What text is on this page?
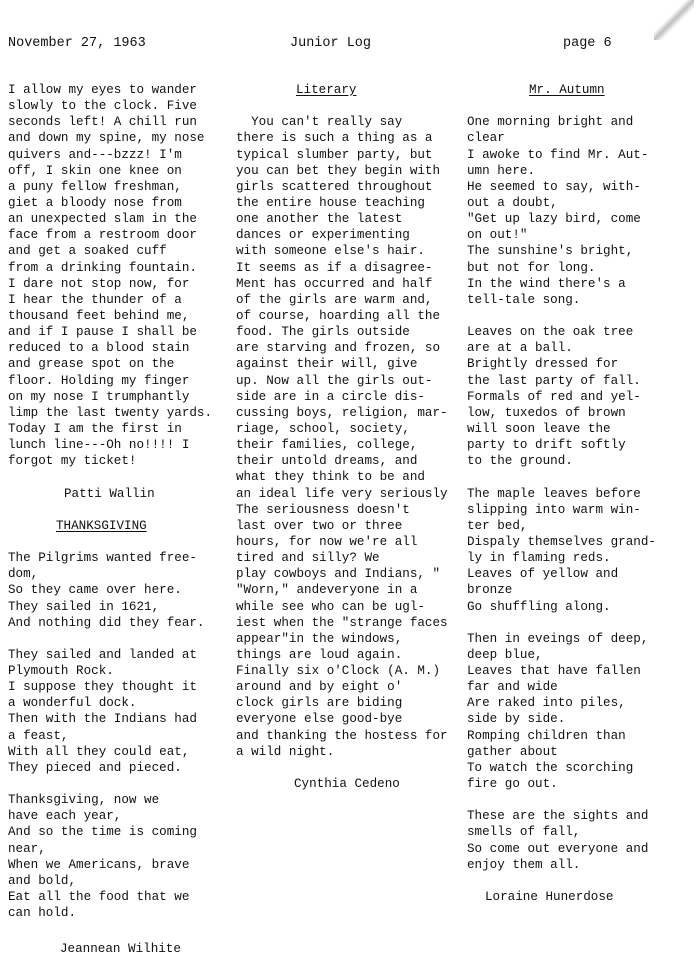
November 27, 1963	Junior Log	page 6
I allow my eyes to wander
slowly to the clock. Five
seconds left! A chill run
and down my spine, my nose
quivers and---bzzz! I'm
off, I skin one knee on
a puny fellow freshman,
giet a bloody nose from
an unexpected slam in the
face from a restroom door
and get a soaked cuff
from a drinking fountain.
I dare not stop now, for
I hear the thunder of a
thousand feet behind me,
and if I pause I shall be
reduced to a blood stain
and grease spot on the
floor. Holding my finger
on my nose I trumphantly
limp the last twenty yards.
Today I am the first in
lunch line---Oh no!!!! I
forgot my ticket!
Patti Wallin
THANKSGIVING
The Pilgrims wanted free-
dom,
So they came over here.
They sailed in 1621,
And nothing did they fear.
They sailed and landed at
Plymouth Rock.
I suppose they thought it
a wonderful dock.
Then with the Indians had
a feast,
With all they could eat,
They pieced and pieced.
Thanksgiving, now we
have each year,
And so the time is coming
near,
When we Americans, brave
and bold,
Eat all the food that we
can hold.
Jeannean Wilhite
Literary
You can't really say
there is such a thing as a
typical slumber party, but
you can bet they begin with
girls scattered throughout
the entire house teaching
one another the latest
dances or experimenting
with someone else's hair.
It seems as if a disagree-
Ment has occurred and half
of the girls are warm and,
of course, hoarding all the
food. The girls outside
are starving and frozen, so
against their will, give
up. Now all the girls out-
side are in a circle dis-
cussing boys, religion, mar-
riage, school, society,
their families, college,
their untold dreams, and
what they think to be and
an ideal life very seriously
The seriousness doesn't
last over two or three
hours, for now we're all
tired and silly? We
play cowboys and Indians, "
"Worn," andeveryone in a
while see who can be ugl-
iest when the "strange faces
appear"in the windows,
things are loud again.
Finally six o'Clock (A. M.)
around and by eight o'
clock girls are biding
everyone else good-bye
and thanking the hostess for
a wild night.
Cynthia Cedeno
Mr. Autumn
One morning bright and
clear
I awoke to find Mr. Aut-
umn here.
He seemed to say, with-
out a doubt,
"Get up lazy bird, come
on out!"
The sunshine's bright,
but not for long.
In the wind there's a
tell-tale song.
Leaves on the oak tree
are at a ball.
Brightly dressed for
the last party of fall.
Formals of red and yel-
low, tuxedos of brown
will soon leave the
party to drift softly
to the ground.
The maple leaves before
slipping into warm win-
ter bed,
Dispaly themselves grand-
ly in flaming reds.
Leaves of yellow and
bronze
Go shuffling along.
Then in eveings of deep,
deep blue,
Leaves that have fallen
far and wide
Are raked into piles,
side by side.
Romping children than
gather about
To watch the scorching
fire go out.
These are the sights and
smells of fall,
So come out everyone and
enjoy them all.
Loraine Hunerdose
